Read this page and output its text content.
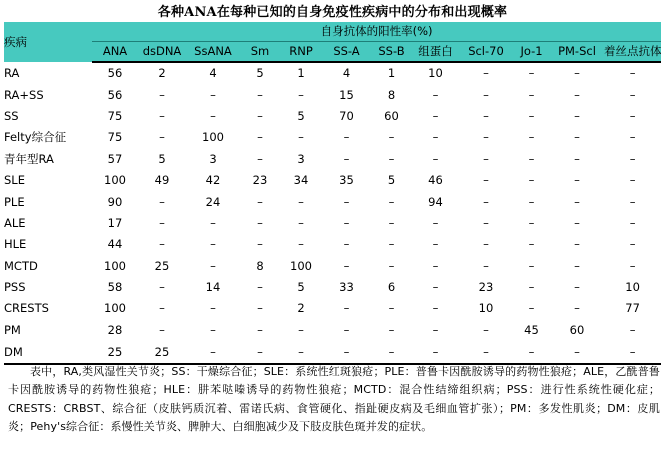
各种ANA在每种已知的自身免疫性疾病中的分布和出现概率
疾病	自身抗体的阳性率(%)											
	ANA	dsDNA	SsANA	Sm	RNP	SS-A	SS-B	组蛋白	Scl-70	Jo-1	PM-Scl	着丝点抗体
RA	56	2	4	5	1	4	1	10	–	–	–	–
RA+SS	56	–	–	–	–	15	8	–	–	–	–	–
SS	75	–	–	–	5	70	60	–	–	–	–	–
Felty综合征	75	–	100	–	–	–	–	–	–	–	–	–
青年型RA	57	5	3	–	3	–	–	–	–	–	–	–
SLE	100	49	42	23	34	35	5	46	–	–	–	–
PLE	90	–	24	–	–	–	–	94	–	–	–	–
ALE	17	–	–	–	–	–	–	–	–	–	–	–
HLE	44	–	–	–	–	–	–	–	–	–	–	–
MCTD	100	25	–	8	100	–	–	–	–	–	–	–
PSS	58	–	14	–	5	33	6	–	23	–	–	10
CRESTS	100	–	–	–	2	–	–	–	10	–	–	77
PM	28	–	–	–	–	–	–	–	–	45	60	–
DM	25	25	–	–	–	–	–	–	–	–	–	–

表中，RA,类风湿性关节炎；SS：干燥综合征；SLE：系统性红斑狼疮；PLE：普鲁卡因酰胺诱导的药物性狼疮；ALE，乙酰普鲁卡因酰胺诱导的药物性狼疮；HLE：肼苯哒嗪诱导的药物性狼疮；MCTD：混合性结缔组织病；PSS：进行性系统性硬化症；CRESTS：CRBST、综合征（皮肤钙质沉着、雷诺氏病、食管硬化、指趾硬皮病及毛细血管扩张）；PM：多发性肌炎；DM：皮肌炎；Pehy's综合征：系慢性关节炎、脾肿大、白细胞减少及下肢皮肤色斑并发的症状。
